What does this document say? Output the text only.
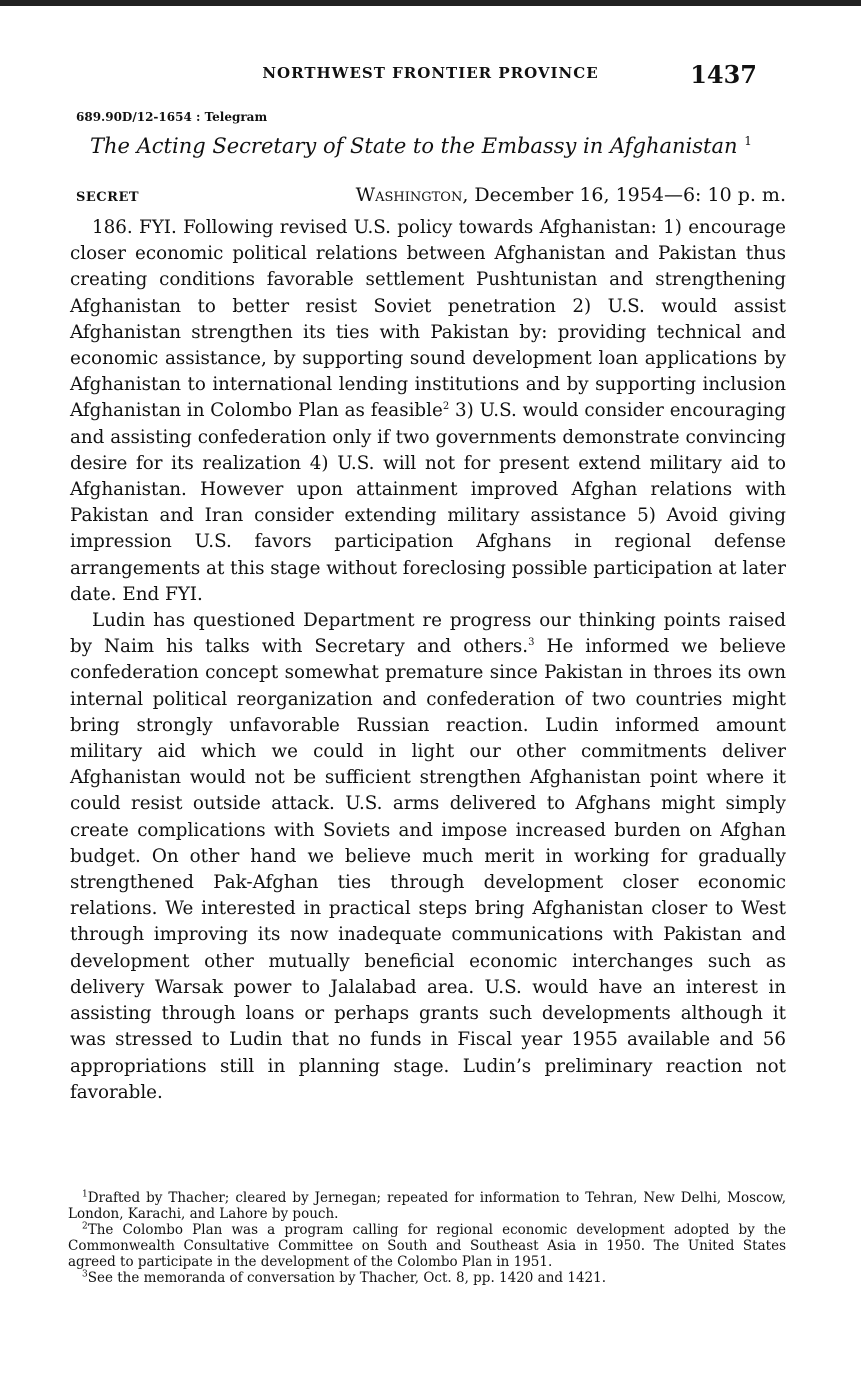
NORTHWEST FRONTIER PROVINCE	1437
689.90D/12-1654 : Telegram
The Acting Secretary of State to the Embassy in Afghanistan $^1$
SECRET	Washington, December 16, 1954—6: 10 p. m.

186. FYI. Following revised U.S. policy towards Afghanistan: 1) encourage closer economic political relations between Afghanistan and Pakistan thus creating conditions favorable settlement Pushtunistan and strengthening Afghanistan to better resist Soviet penetration 2) U.S. would assist Afghanistan strengthen its ties with Pakistan by: providing technical and economic assistance, by supporting sound development loan applications by Afghanistan to international lending institutions and by supporting inclusion Afghanistan in Colombo Plan as feasible$^2$ 3) U.S. would consider encouraging and assisting confederation only if two governments demonstrate convincing desire for its realization 4) U.S. will not for present extend military aid to Afghanistan. However upon attainment improved Afghan relations with Pakistan and Iran consider extending military assistance 5) Avoid giving impression U.S. favors participation Afghans in regional defense arrangements at this stage without foreclosing possible participation at later date. End FYI.

Ludin has questioned Department re progress our thinking points raised by Naim his talks with Secretary and others.$^3$ He informed we believe confederation concept somewhat premature since Pakistan in throes its own internal political reorganization and confederation of two countries might bring strongly unfavorable Russian reaction. Ludin informed amount military aid which we could in light our other commitments deliver Afghanistan would not be sufficient strengthen Afghanistan point where it could resist outside attack. U.S. arms delivered to Afghans might simply create complications with Soviets and impose increased burden on Afghan budget. On other hand we believe much merit in working for gradually strengthened Pak-Afghan ties through development closer economic relations. We interested in practical steps bring Afghanistan closer to West through improving its now inadequate communications with Pakistan and development other mutually beneficial economic interchanges such as delivery Warsak power to Jalalabad area. U.S. would have an interest in assisting through loans or perhaps grants such developments although it was stressed to Ludin that no funds in Fiscal year 1955 available and 56 appropriations still in planning stage. Ludin’s preliminary reaction not favorable.

$^1$Drafted by Thacher; cleared by Jernegan; repeated for information to Tehran, New Delhi, Moscow, London, Karachi, and Lahore by pouch.

$^2$The Colombo Plan was a program calling for regional economic development adopted by the Commonwealth Consultative Committee on South and Southeast Asia in 1950. The United States agreed to participate in the development of the Colombo Plan in 1951.

$^3$See the memoranda of conversation by Thacher, Oct. 8, pp. 1420 and 1421.
